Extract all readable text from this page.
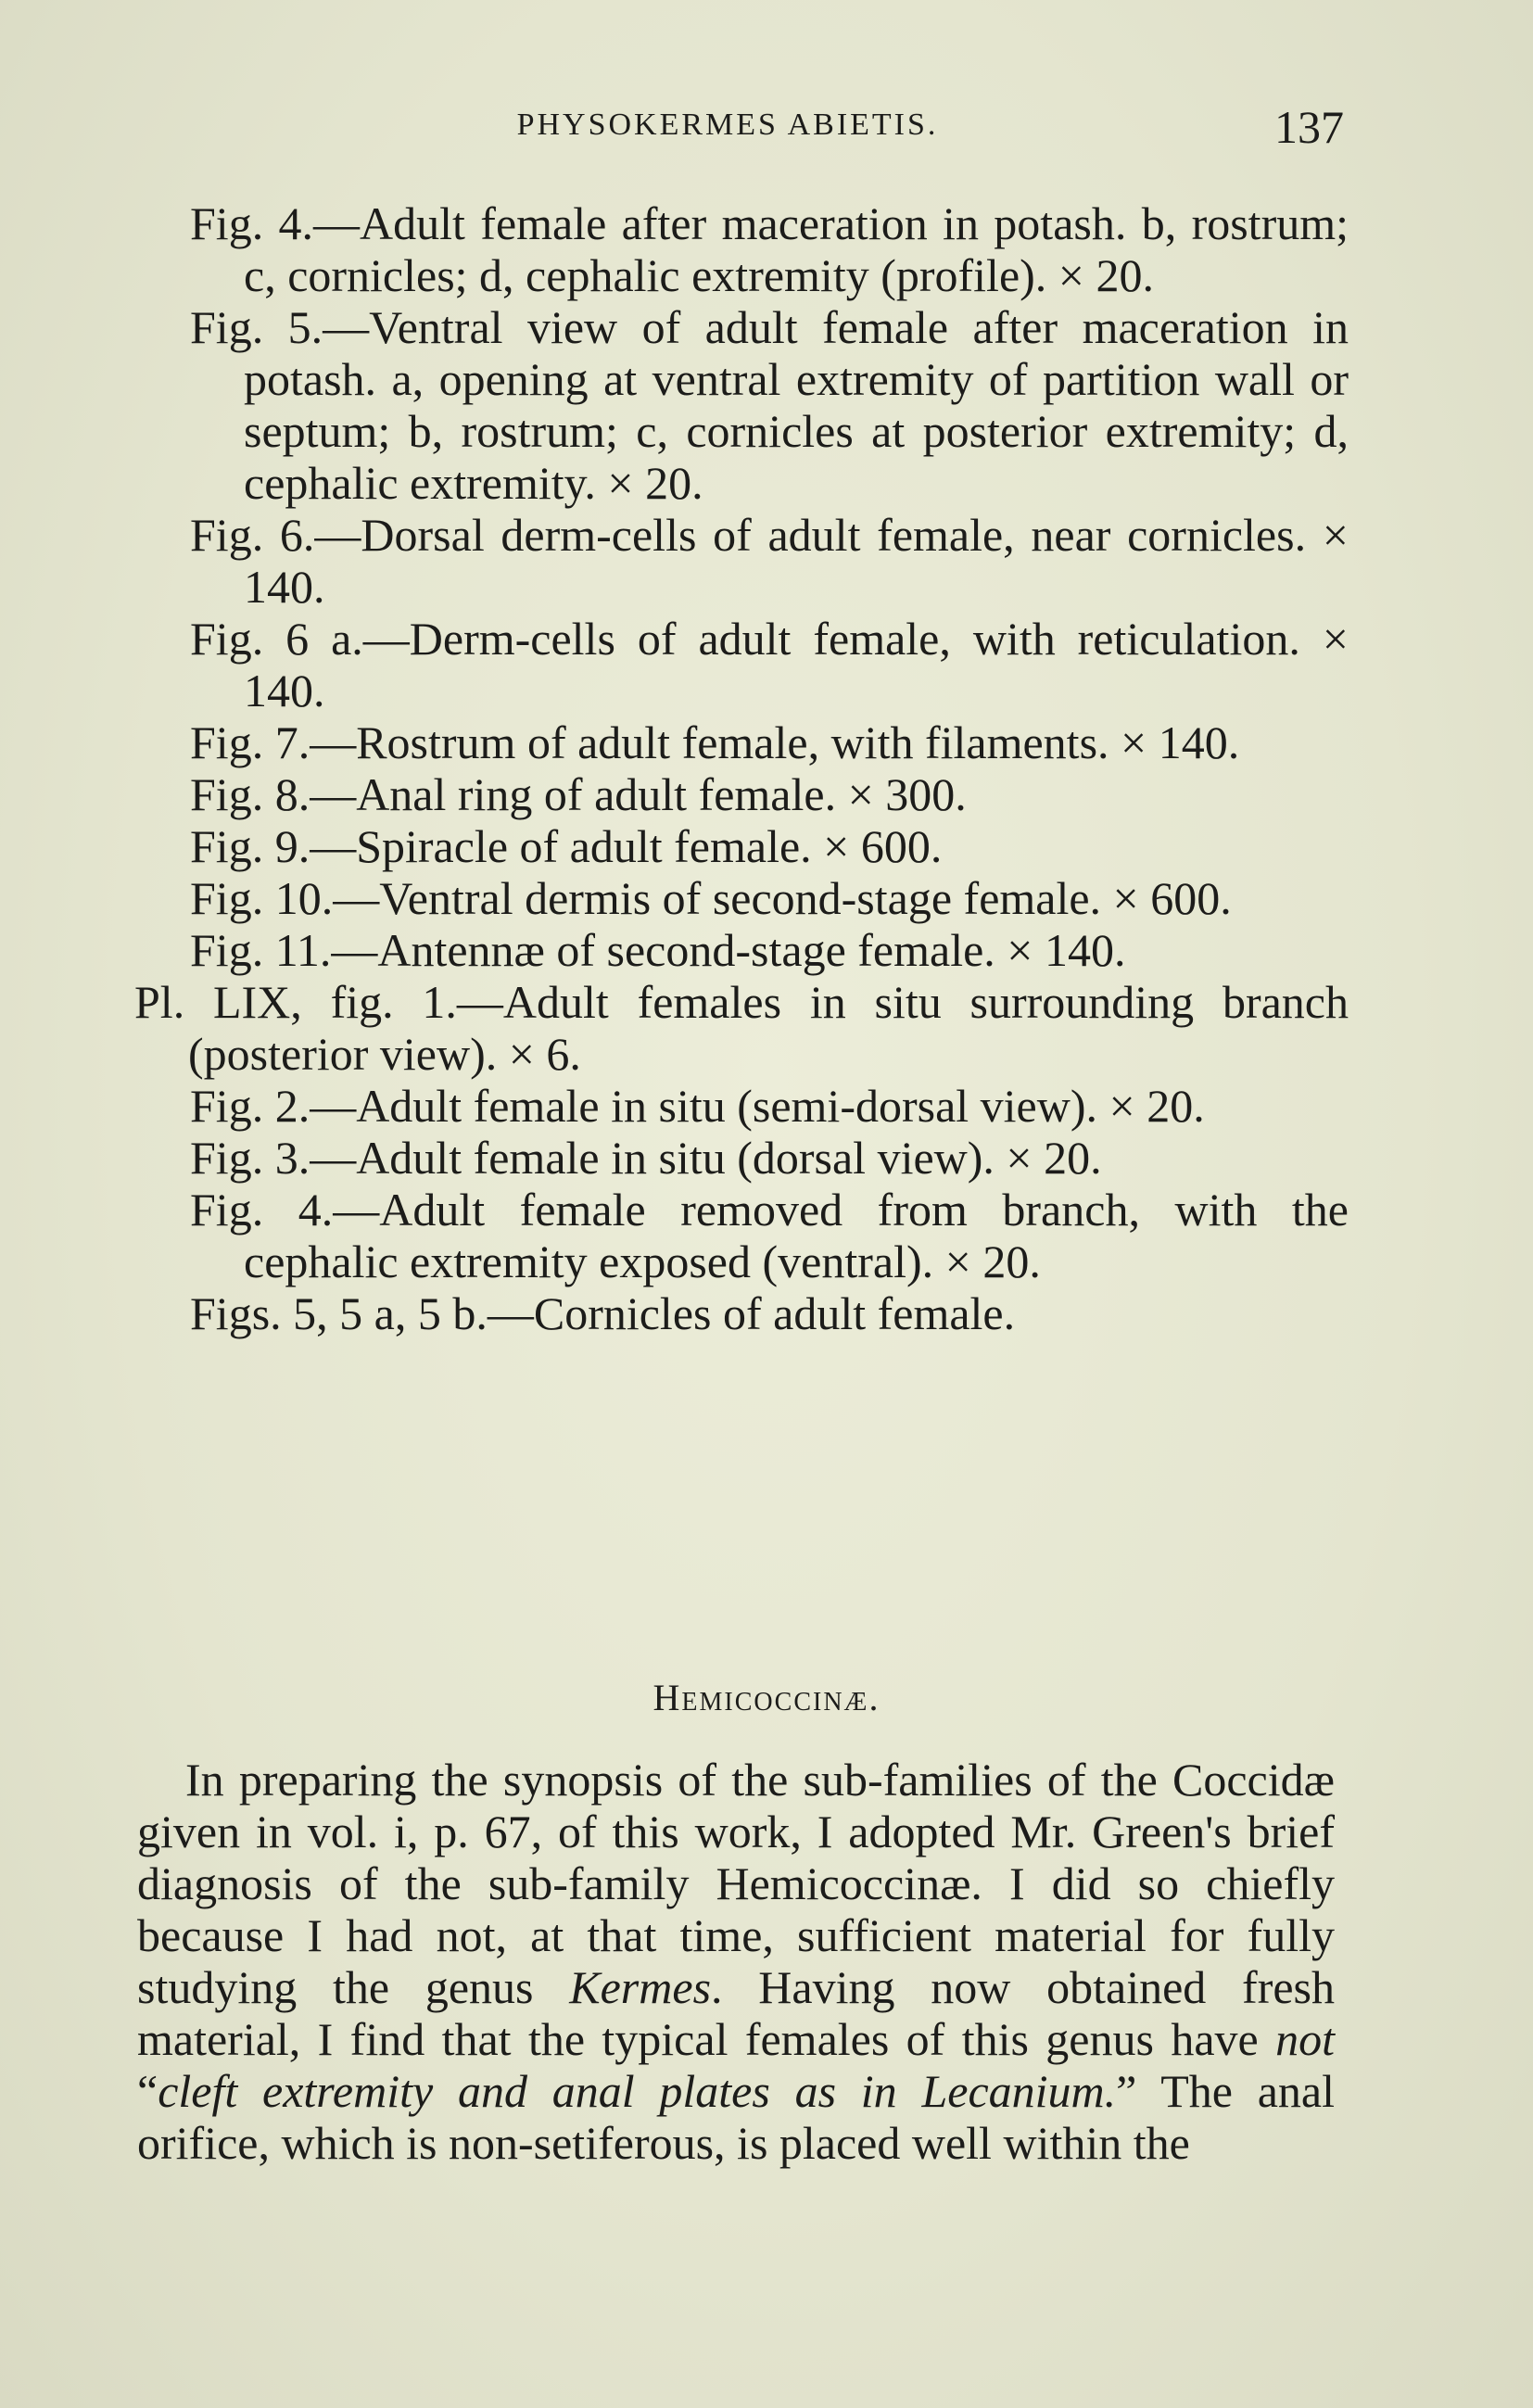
PHYSOKERMES ABIETIS.	137
Fig. 4.—Adult female after maceration in potash. b, rostrum; c, cornicles; d, cephalic extremity (profile). × 20.
Fig. 5.—Ventral view of adult female after maceration in potash. a, opening at ventral extremity of partition wall or septum; b, rostrum; c, cornicles at posterior extremity; d, cephalic extremity. × 20.
Fig. 6.—Dorsal derm-cells of adult female, near cornicles. × 140.
Fig. 6 a.—Derm-cells of adult female, with reticulation. × 140.
Fig. 7.—Rostrum of adult female, with filaments. × 140.
Fig. 8.—Anal ring of adult female. × 300.
Fig. 9.—Spiracle of adult female. × 600.
Fig. 10.—Ventral dermis of second-stage female. × 600.
Fig. 11.—Antennæ of second-stage female. × 140.
Pl. LIX, fig. 1.—Adult females in situ surrounding branch (posterior view). × 6.
Fig. 2.—Adult female in situ (semi-dorsal view). × 20.
Fig. 3.—Adult female in situ (dorsal view). × 20.
Fig. 4.—Adult female removed from branch, with the cephalic extremity exposed (ventral). × 20.
Figs. 5, 5 a, 5 b.—Cornicles of adult female.
Hemicoccinæ.

In preparing the synopsis of the sub-families of the Coccidæ given in vol. i, p. 67, of this work, I adopted Mr. Green's brief diagnosis of the sub-family Hemicoccinæ. I did so chiefly because I had not, at that time, sufficient material for fully studying the genus Kermes. Having now obtained fresh material, I find that the typical females of this genus have not “cleft extremity and anal plates as in Lecanium.” The anal orifice, which is non-setiferous, is placed well within the
